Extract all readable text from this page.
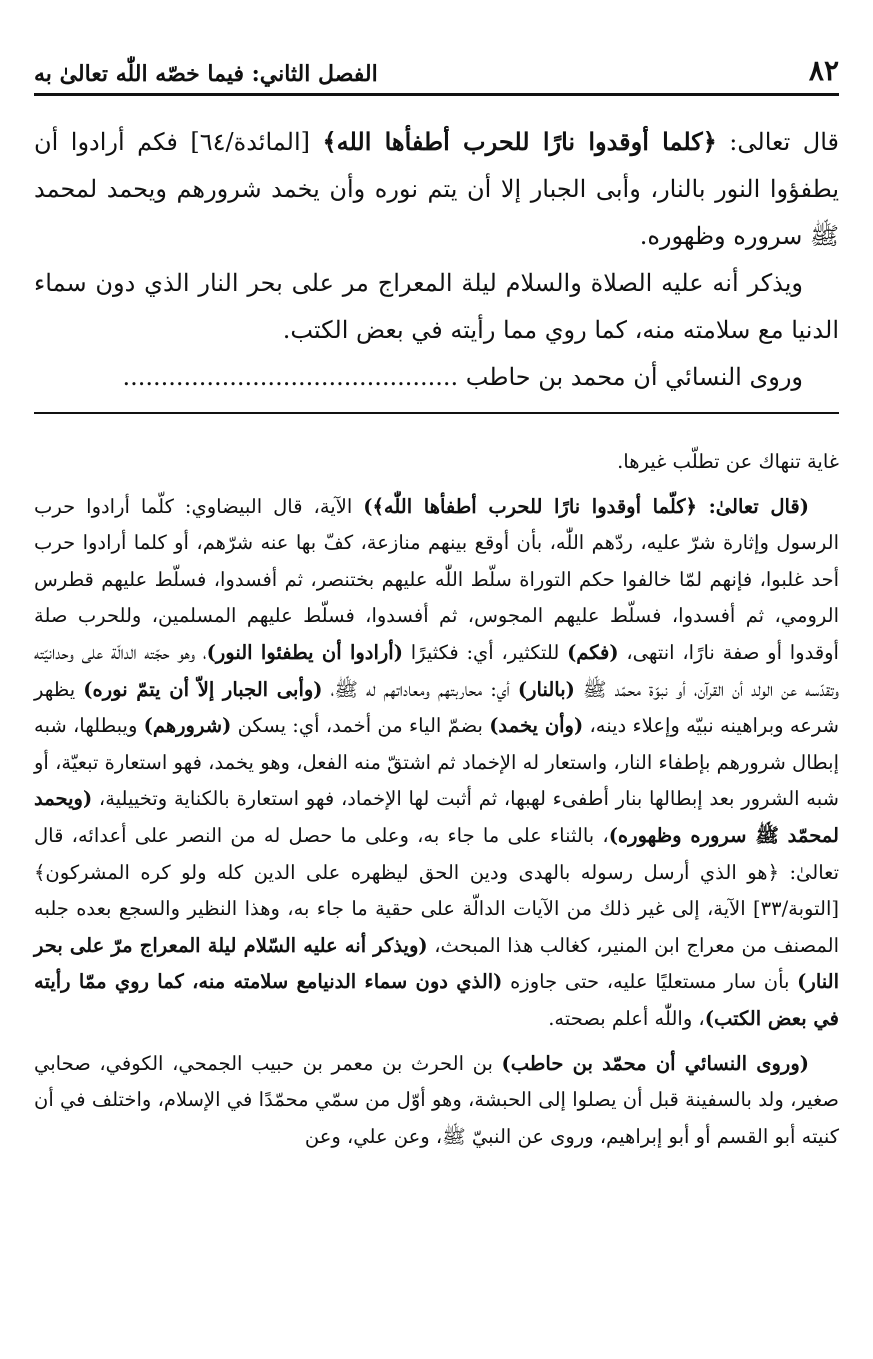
٨٢
الفصل الثاني: فيما خصّه اللّٰه تعالىٰ به

قال تعالى: ﴿كلما أوقدوا نارًا للحرب أطفأها الله﴾ [المائدة/٦٤] فكم أرادوا أن يطفؤوا النور بالنار، وأبى الجبار إلا أن يتم نوره وأن يخمد شرورهم ويحمد لمحمد ﷺ سروره وظهوره.

ويذكر أنه عليه الصلاة والسلام ليلة المعراج مر على بحر النار الذي دون سماء الدنيا مع سلامته منه، كما روي مما رأيته في بعض الكتب.

وروى النسائي أن محمد بن حاطب ............................................

غاية تنهاك عن تطلّب غيرها.

(قال تعالىٰ: ﴿كلّما أوقدوا نارًا للحرب أطفأها اللّٰه﴾) الآية، قال البيضاوي: كلّما أرادوا حرب الرسول وإثارة شرّ عليه، ردّهم اللّٰه، بأن أوقع بينهم منازعة، كفّ بها عنه شرّهم، أو كلما أرادوا حرب أحد غلبوا، فإنهم لمّا خالفوا حكم التوراة سلّط اللّٰه عليهم بختنصر، ثم أفسدوا، فسلّط عليهم قطرس الرومي، ثم أفسدوا، فسلّط عليهم المجوس، ثم أفسدوا، فسلّط عليهم المسلمين، وللحرب صلة أوقدوا أو صفة نارًا، انتهى، (فكم) للتكثير، أي: فكثيرًا (أرادوا أن يطفئوا النور)، وهو حجّته الدالّة على وحدانيّته وتقدّسه عن الولد أن القرآن، أو نبوّة محمّد ﷺ (بالنار) أي: محاربتهم ومعاداتهم له ﷺ، (وأبى الجبار إلاّ أن يتمّ نوره) يظهر شرعه وبراهينه نبيّه وإعلاء دينه، (وأن يخمد) بضمّ الياء من أخمد، أي: يسكن (شرورهم) ويبطلها، شبه إبطال شرورهم بإطفاء النار، واستعار له الإخماد ثم اشتقّ منه الفعل، وهو يخمد، فهو استعارة تبعيّة، أو شبه الشرور بعد إبطالها بنار أطفىء لهبها، ثم أثبت لها الإخماد، فهو استعارة بالكناية وتخييلية، (ويحمد لمحمّد ﷺ سروره وظهوره)، بالثناء على ما جاء به، وعلى ما حصل له من النصر على أعدائه، قال تعالىٰ: ﴿هو الذي أرسل رسوله بالهدى ودين الحق ليظهره على الدين كله ولو كره المشركون﴾ [التوبة/٣٣] الآية، إلى غير ذلك من الآيات الدالّة على حقية ما جاء به، وهذا النظير والسجع بعده جلبه المصنف من معراج ابن المنير، كغالب هذا المبحث، (ويذكر أنه عليه السّلام ليلة المعراج مرّ على بحر النار) بأن سار مستعليًا عليه، حتى جاوزه (الذي دون سماء الدنيامع سلامته منه، كما روي ممّا رأيته في بعض الكتب)، واللّٰه أعلم بصحته.

(وروى النسائي أن محمّد بن حاطب) بن الحرث بن معمر بن حبيب الجمحي، الكوفي، صحابي صغير، ولد بالسفينة قبل أن يصلوا إلى الحبشة، وهو أوّل من سمّي محمّدًا في الإسلام، واختلف في أن كنيته أبو القسم أو أبو إبراهيم، وروى عن النبيّ ﷺ، وعن علي، وعن
